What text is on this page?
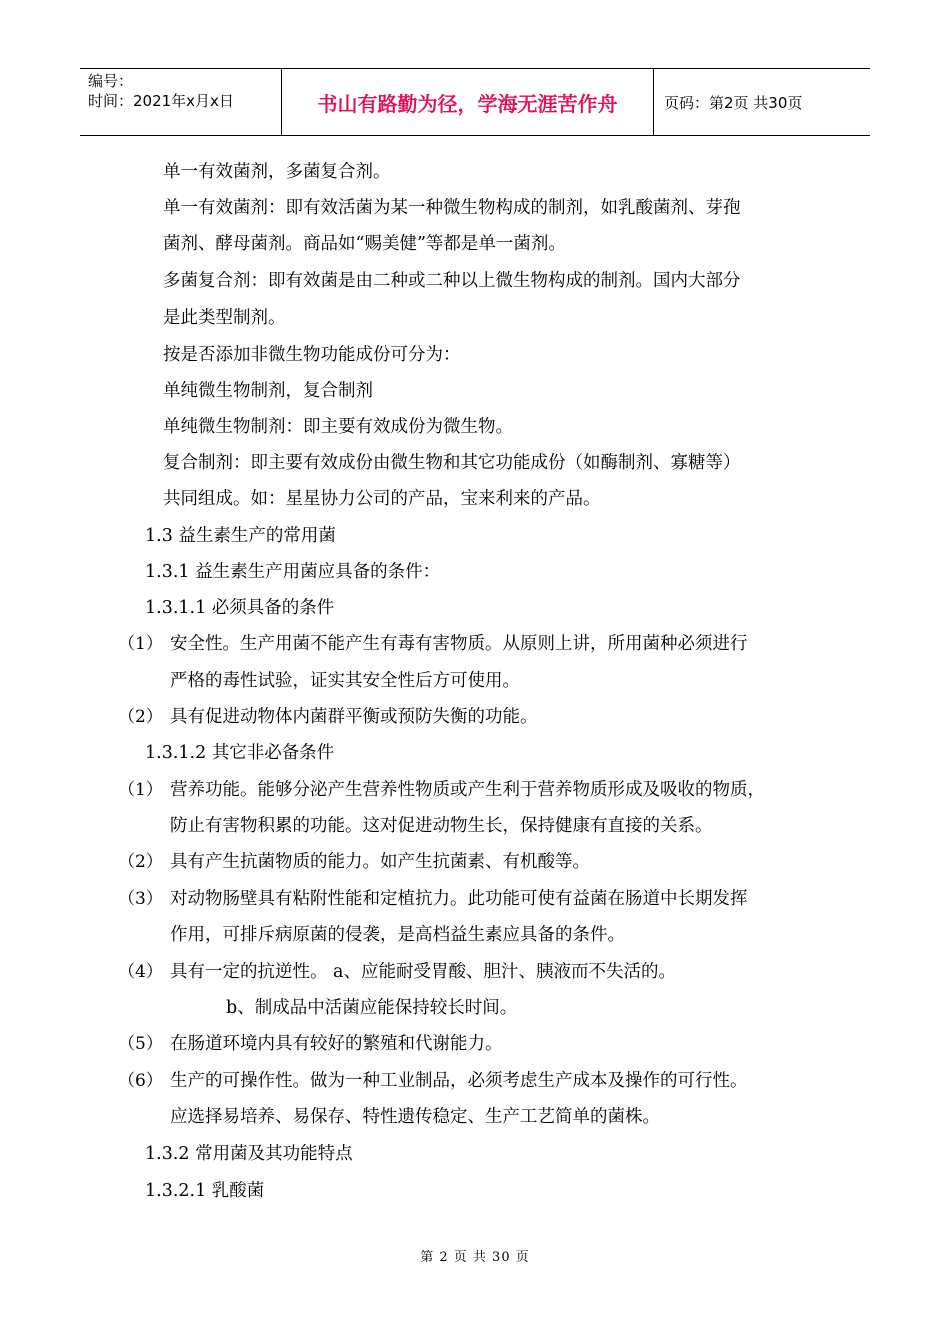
编号：
时间：2021年x月x日	书山有路勤为径，学海无涯苦作舟	页码：第2页 共30页
单一有效菌剂，多菌复合剂。
单一有效菌剂：即有效活菌为某一种微生物构成的制剂，如乳酸菌剂、芽孢
菌剂、酵母菌剂。商品如“赐美健”等都是单一菌剂。
多菌复合剂：即有效菌是由二种或二种以上微生物构成的制剂。国内大部分
是此类型制剂。
按是否添加非微生物功能成份可分为：
单纯微生物制剂，复合制剂
单纯微生物制剂：即主要有效成份为微生物。
复合制剂：即主要有效成份由微生物和其它功能成份（如酶制剂、寡糖等）
共同组成。如：星星协力公司的产品，宝来利来的产品。
1.3 益生素生产的常用菌
1.3.1 益生素生产用菌应具备的条件：
1.3.1.1 必须具备的条件
（1） 安全性。生产用菌不能产生有毒有害物质。从原则上讲，所用菌种必须进行
严格的毒性试验，证实其安全性后方可使用。
（2） 具有促进动物体内菌群平衡或预防失衡的功能。
1.3.1.2 其它非必备条件
（1） 营养功能。能够分泌产生营养性物质或产生利于营养物质形成及吸收的物质，
防止有害物积累的功能。这对促进动物生长，保持健康有直接的关系。
（2） 具有产生抗菌物质的能力。如产生抗菌素、有机酸等。
（3） 对动物肠壁具有粘附性能和定植抗力。此功能可使有益菌在肠道中长期发挥
作用，可排斥病原菌的侵袭，是高档益生素应具备的条件。
（4） 具有一定的抗逆性。 a、应能耐受胃酸、胆汁、胰液而不失活的。
b、制成品中活菌应能保持较长时间。
（5） 在肠道环境内具有较好的繁殖和代谢能力。
（6） 生产的可操作性。做为一种工业制品，必须考虑生产成本及操作的可行性。
应选择易培养、易保存、特性遗传稳定、生产工艺简单的菌株。
1.3.2 常用菌及其功能特点
1.3.2.1 乳酸菌
第 2 页 共 30 页
